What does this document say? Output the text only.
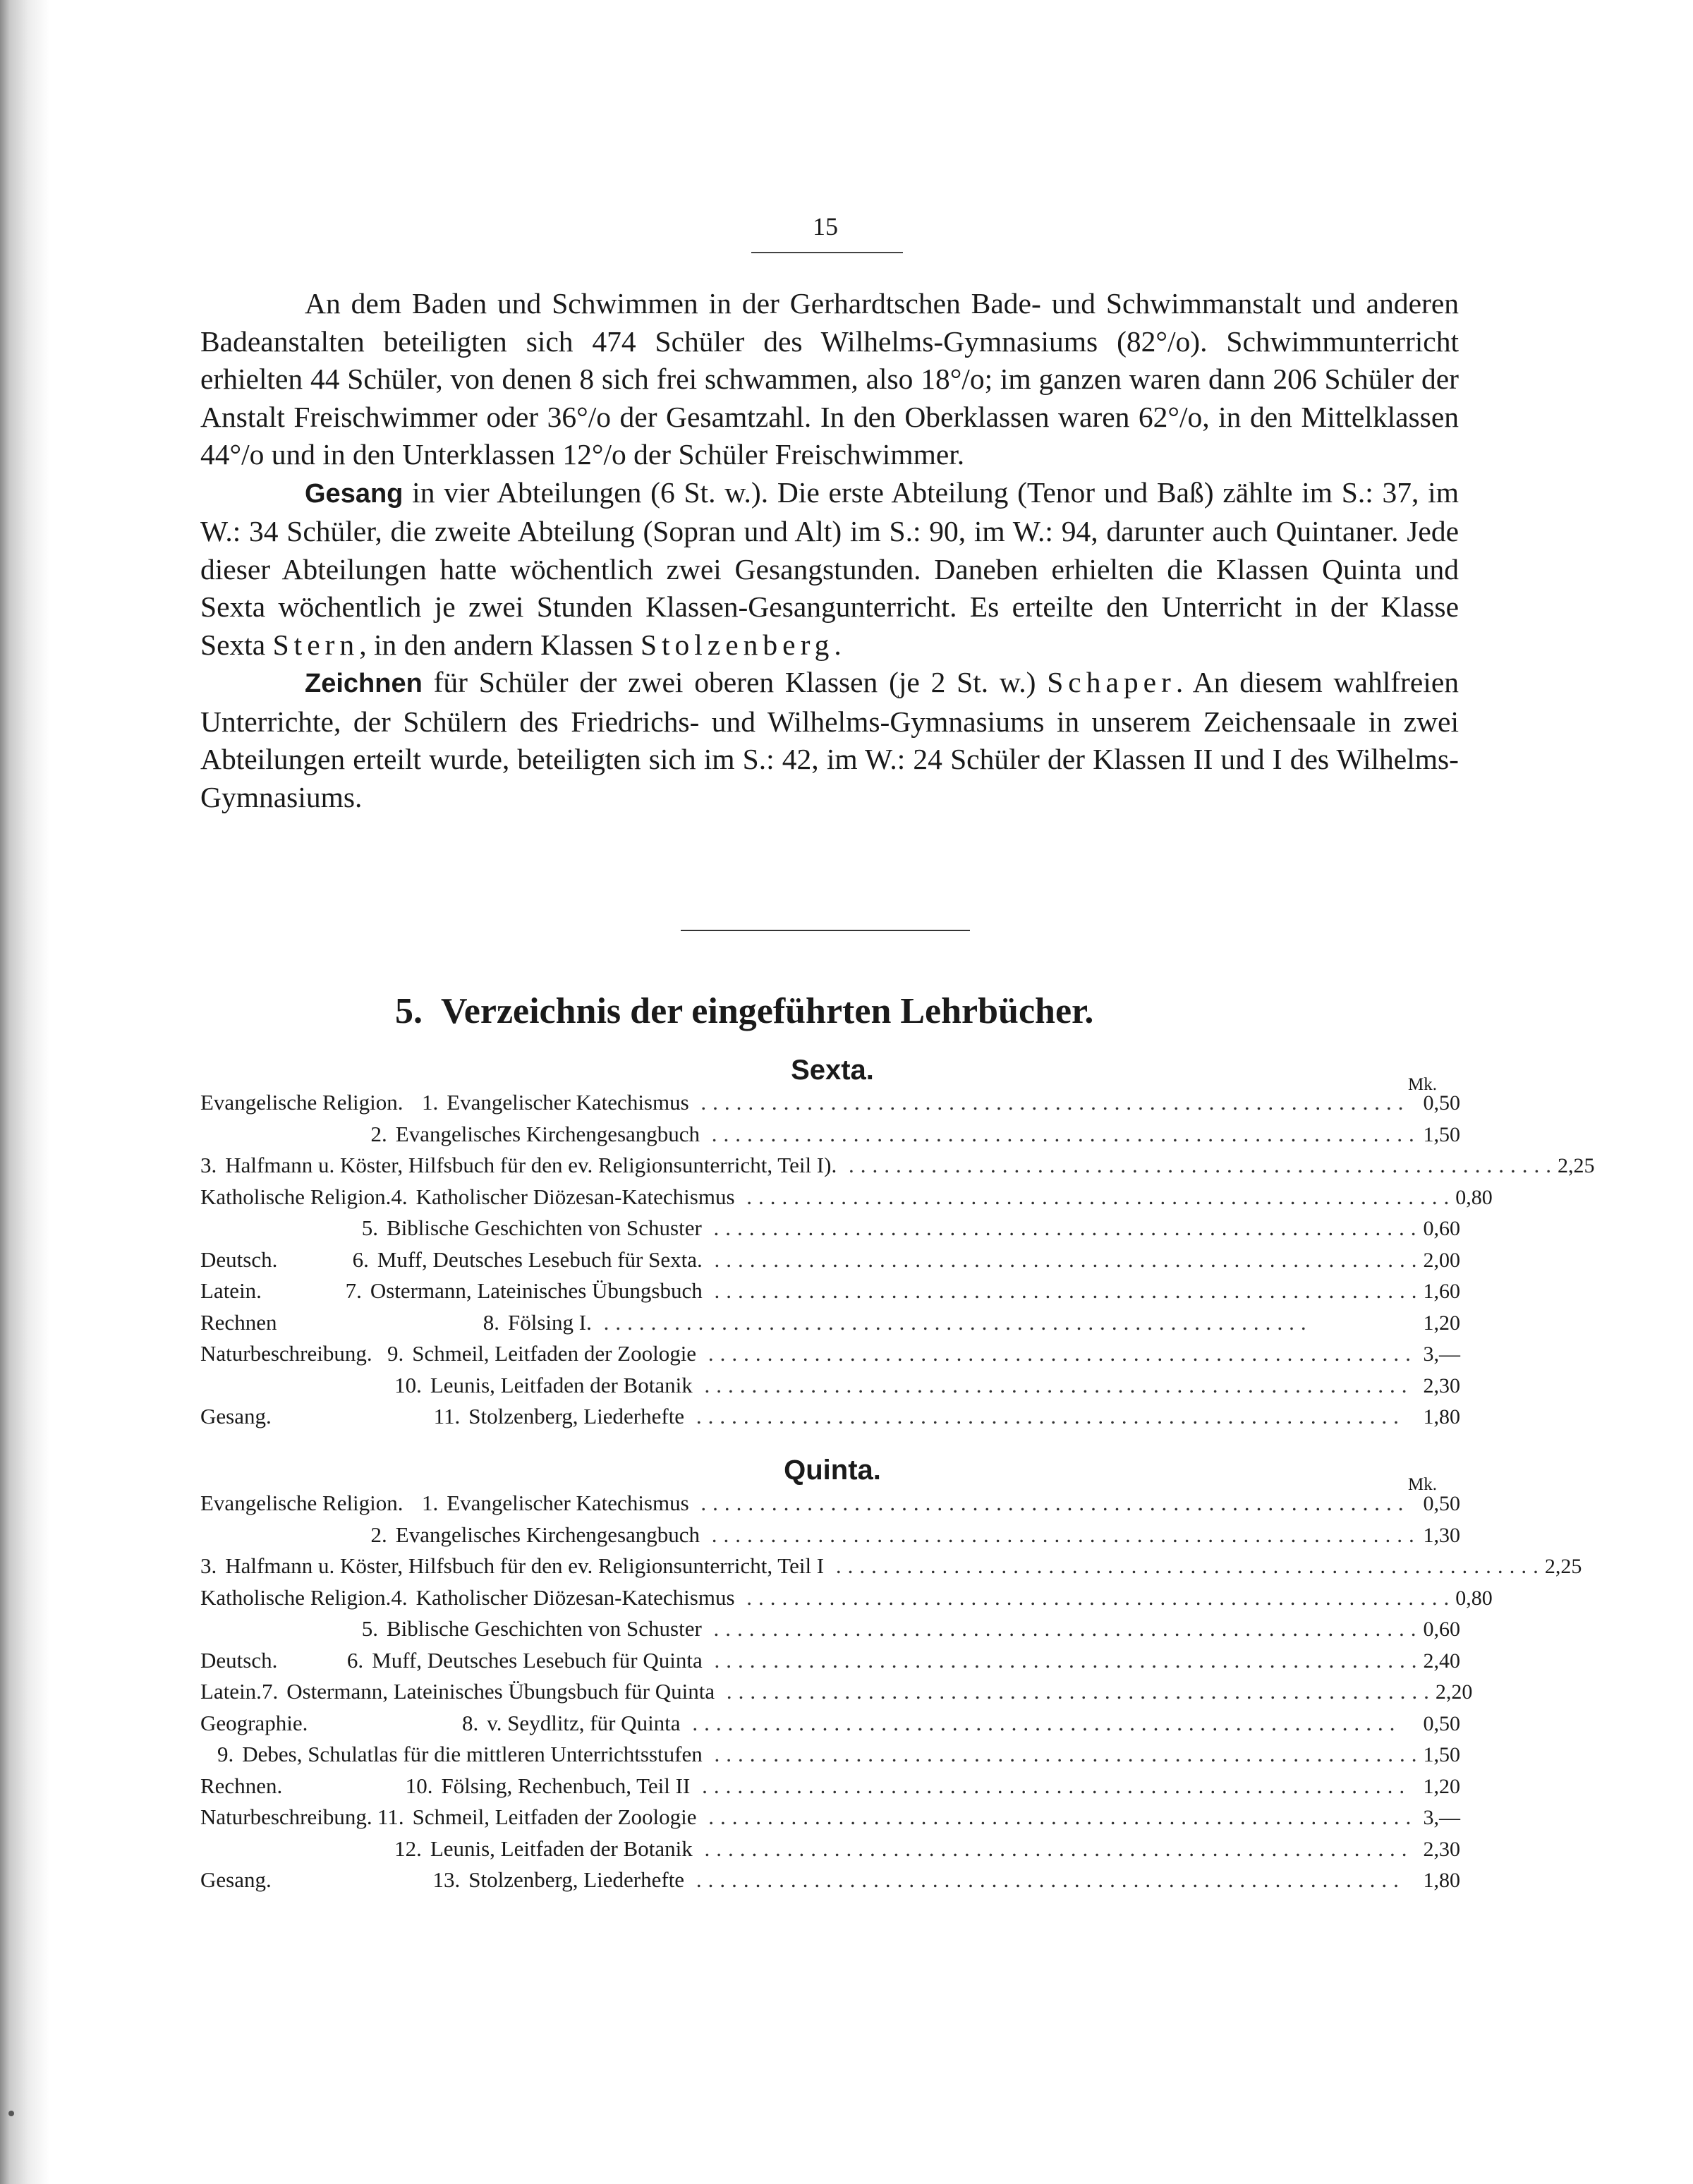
15

An dem Baden und Schwimmen in der Gerhardtschen Bade- und Schwimmanstalt und anderen Badeanstalten beteiligten sich 474 Schüler des Wilhelms-Gymnasiums (82°/o). Schwimmunterricht erhielten 44 Schüler, von denen 8 sich frei schwammen, also 18°/o; im ganzen waren dann 206 Schüler der Anstalt Freischwimmer oder 36°/o der Gesamtzahl. In den Oberklassen waren 62°/o, in den Mittelklassen 44°/o und in den Unterklassen 12°/o der Schüler Freischwimmer.

Gesang in vier Abteilungen (6 St. w.). Die erste Abteilung (Tenor und Baß) zählte im S.: 37, im W.: 34 Schüler, die zweite Abteilung (Sopran und Alt) im S.: 90, im W.: 94, darunter auch Quintaner. Jede dieser Abteilungen hatte wöchentlich zwei Gesangstunden. Daneben erhielten die Klassen Quinta und Sexta wöchentlich je zwei Stunden Klassen-Gesangunterricht. Es erteilte den Unterricht in der Klasse Sexta Stern, in den andern Klassen Stolzenberg.

Zeichnen für Schüler der zwei oberen Klassen (je 2 St. w.) Schaper. An diesem wahlfreien Unterrichte, der Schülern des Friedrichs- und Wilhelms-Gymnasiums in unserem Zeichensaale in zwei Abteilungen erteilt wurde, beteiligten sich im S.: 42, im W.: 24 Schüler der Klassen II und I des Wilhelms-Gymnasiums.

5. Verzeichnis der eingeführten Lehrbücher.
Sexta.	Mk.
Evangelische Religion. 1. Evangelischer Katechismus ............................................................ 0,50
2. Evangelisches Kirchengesangbuch ............................................................ 1,50
3. Halfmann u. Köster, Hilfsbuch für den ev. Religionsunterricht, Teil I). ............................................................ 2,25
Katholische Religion. 4. Katholischer Diözesan-Katechismus ............................................................ 0,80
5. Biblische Geschichten von Schuster ............................................................ 0,60
Deutsch.	6. Muff, Deutsches Lesebuch für Sexta. ............................................................ 2,00
Latein.	7. Ostermann, Lateinisches Übungsbuch ............................................................ 1,60
Rechnen	8. Fölsing I. ............................................................	1,20
Naturbeschreibung. 9. Schmeil, Leitfaden der Zoologie ............................................................ 3,—
10. Leunis, Leitfaden der Botanik ............................................................ 2,30
Gesang.	11. Stolzenberg, Liederhefte ............................................................ 1,80
Quinta.	Mk.
Evangelische Religion. 1. Evangelischer Katechismus ............................................................ 0,50
2. Evangelisches Kirchengesangbuch ............................................................ 1,30
3. Halfmann u. Köster, Hilfsbuch für den ev. Religionsunterricht, Teil I ............................................................ 2,25
Katholische Religion. 4. Katholischer Diözesan-Katechismus ............................................................ 0,80
5. Biblische Geschichten von Schuster ............................................................ 0,60
Deutsch.	6. Muff, Deutsches Lesebuch für Quinta ............................................................ 2,40
Latein. 7. Ostermann, Lateinisches Übungsbuch für Quinta ............................................................ 2,20
Geographie.	8. v. Seydlitz, für Quinta ............................................................	0,50
9. Debes, Schulatlas für die mittleren Unterrichtsstufen ............................................................ 1,50
Rechnen.	10. Fölsing, Rechenbuch, Teil II ............................................................ 1,20
Naturbeschreibung. 11. Schmeil, Leitfaden der Zoologie ............................................................ 3,—
12. Leunis, Leitfaden der Botanik ............................................................ 2,30
Gesang.	13. Stolzenberg, Liederhefte ............................................................ 1,80
